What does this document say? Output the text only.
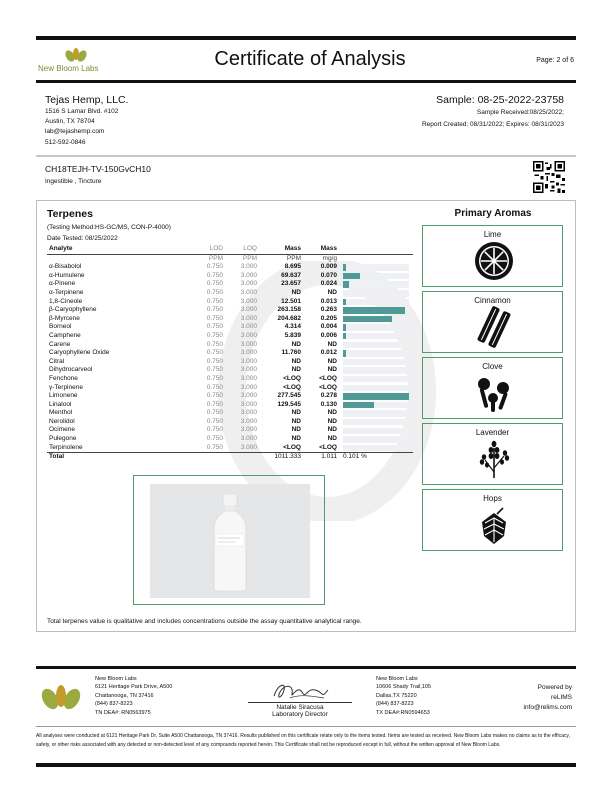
New Bloom Labs	Certificate of Analysis	Page: 2 of 6
Tejas Hemp, LLC.
1516 S Lamar Blvd. #102
Austin, TX 78704
lab@tejashemp.com
512-592-0846
Sample: 08-25-2022-23758
Sample Received:08/25/2022;
Report Created: 08/31/2022; Expires: 08/31/2023
CH18TEJH-TV-150GvCH10
Ingestible , Tincture
Terpenes
(Testing Method:HS-GC/MS, CON-P-4000)
Date Tested: 08/25/2022
Analyte	LOD	LOQ	Mass	Mass	
	PPM	PPM	PPM	mg/g	
α-Bisabolol	0.750	3.000	8.695	0.009	

α-Humulene	0.750	3.000	69.637	0.070	

α-Pinene	0.750	3.000	23.657	0.024	

α-Terpinene	0.750	3.000	ND	ND	

1,8-Cineole	0.750	3.000	12.501	0.013	

β-Caryophyllene	0.750	3.000	263.158	0.263	

β-Myrcene	0.750	3.000	204.682	0.205	

Borneol	0.750	3.000	4.314	0.004	

Camphene	0.750	3.000	5.839	0.006	

Carene	0.750	3.000	ND	ND	

Caryophyllene Oxide	0.750	3.000	11.760	0.012	

Citral	0.750	3.000	ND	ND	

Dihydrocarveol	0.750	3.000	ND	ND	

Fenchone	0.750	3.000	<LOQ	<LOQ	

γ-Terpinene	0.750	3.000	<LOQ	<LOQ	

Limonene	0.750	3.000	277.545	0.278	

Linalool	0.750	3.000	129.545	0.130	

Menthol	0.750	3.000	ND	ND	

Nerolidol	0.750	3.000	ND	ND	

Ocimene	0.750	3.000	ND	ND	

Pulegone	0.750	3.000	ND	ND	

Terpinolene	0.750	3.000	<LOQ	<LOQ	

Total			1011.333	1.011	0.101 %
Primary Aromas
Lime
Cinnamon
Clove
Lavender
Hops
Total terpenes value is qualitative and includes concentrations outside the assay quantitative analytical range.
New Bloom Labs
6121 Heritage Park Drive, A500
Chattanooga, TN 37416
(844) 837-8223
TN DEA#: RN0563975
Natalie Siracusa
Laboratory Director
New Bloom Labs
10606 Shady Trail,105
Dallas,TX 75220
(844) 837-8223
TX DEA#:RN0594653
Powered by
reLIMS
info@relims.com
All analyses were conducted at 6121 Heritage Park Dr, Suite A500 Chattanooga, TN 37416. Results published on this certificate relate only to the items tested. Items are tested as received. New Bloom Labs makes no claims as to the efficacy, safety, or other risks associated with any detected or non-detected level of any compounds reported herein. This Certificate shall not be reproduced except in full, without the written approval of New Bloom Labs.
